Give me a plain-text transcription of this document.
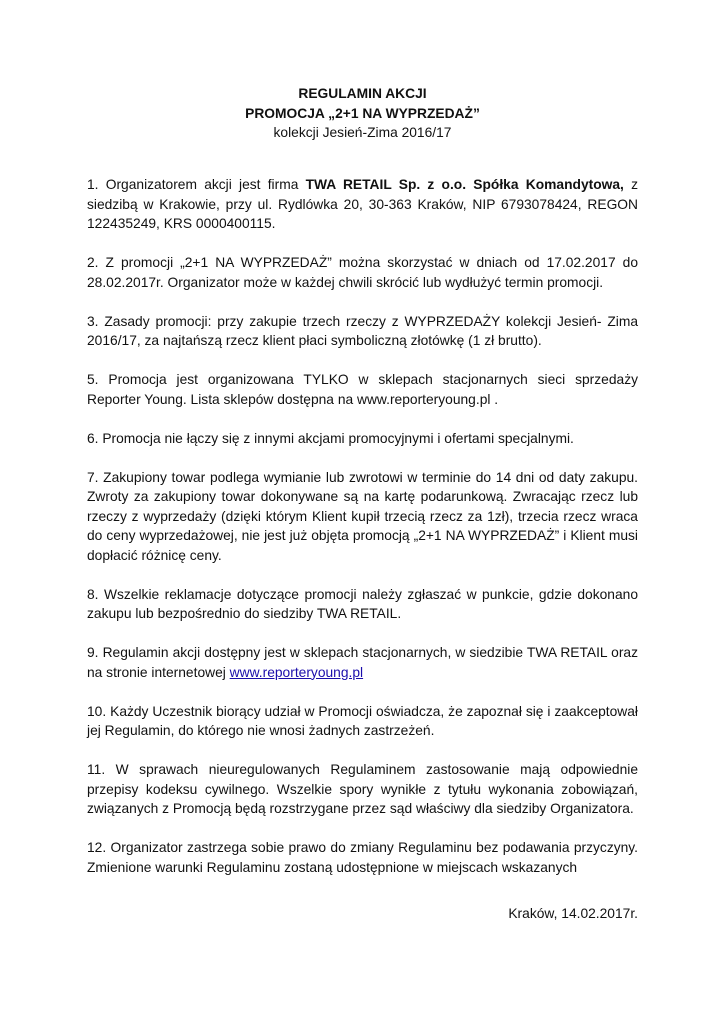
REGULAMIN AKCJI
PROMOCJA „2+1 NA WYPRZEDAŻ”
kolekcji Jesień-Zima 2016/17

1. Organizatorem akcji jest firma TWA RETAIL Sp. z o.o. Spółka Komandytowa, z siedzibą w Krakowie, przy ul. Rydlówka 20, 30-363 Kraków, NIP 6793078424, REGON 122435249, KRS 0000400115.

2. Z promocji „2+1 NA WYPRZEDAŻ” można skorzystać w dniach od 17.02.2017 do 28.02.2017r. Organizator może w każdej chwili skrócić lub wydłużyć termin promocji.

3. Zasady promocji: przy zakupie trzech rzeczy z WYPRZEDAŻY kolekcji Jesień- Zima 2016/17, za najtańszą rzecz klient płaci symboliczną złotówkę (1 zł brutto).

5. Promocja jest organizowana TYLKO w sklepach stacjonarnych sieci sprzedaży Reporter Young. Lista sklepów dostępna na www.reporteryoung.pl .

6. Promocja nie łączy się z innymi akcjami promocyjnymi i ofertami specjalnymi.

7. Zakupiony towar podlega wymianie lub zwrotowi w terminie do 14 dni od daty zakupu. Zwroty za zakupiony towar dokonywane są na kartę podarunkową. Zwracając rzecz lub rzeczy z wyprzedaży (dzięki którym Klient kupił trzecią rzecz za 1zł), trzecia rzecz wraca do ceny wyprzedażowej, nie jest już objęta promocją „2+1 NA WYPRZEDAŻ” i Klient musi dopłacić różnicę ceny.

8. Wszelkie reklamacje dotyczące promocji należy zgłaszać w punkcie, gdzie dokonano zakupu lub bezpośrednio do siedziby TWA RETAIL.

9. Regulamin akcji dostępny jest w sklepach stacjonarnych, w siedzibie TWA RETAIL oraz na stronie internetowej www.reporteryoung.pl

10. Każdy Uczestnik biorący udział w Promocji oświadcza, że zapoznał się i zaakceptował jej Regulamin, do którego nie wnosi żadnych zastrzeżeń.

11. W sprawach nieuregulowanych Regulaminem zastosowanie mają odpowiednie przepisy kodeksu cywilnego. Wszelkie spory wynikłe z tytułu wykonania zobowiązań, związanych z Promocją będą rozstrzygane przez sąd właściwy dla siedziby Organizatora.

12. Organizator zastrzega sobie prawo do zmiany Regulaminu bez podawania przyczyny. Zmienione warunki Regulaminu zostaną udostępnione w miejscach wskazanych

Kraków, 14.02.2017r.
